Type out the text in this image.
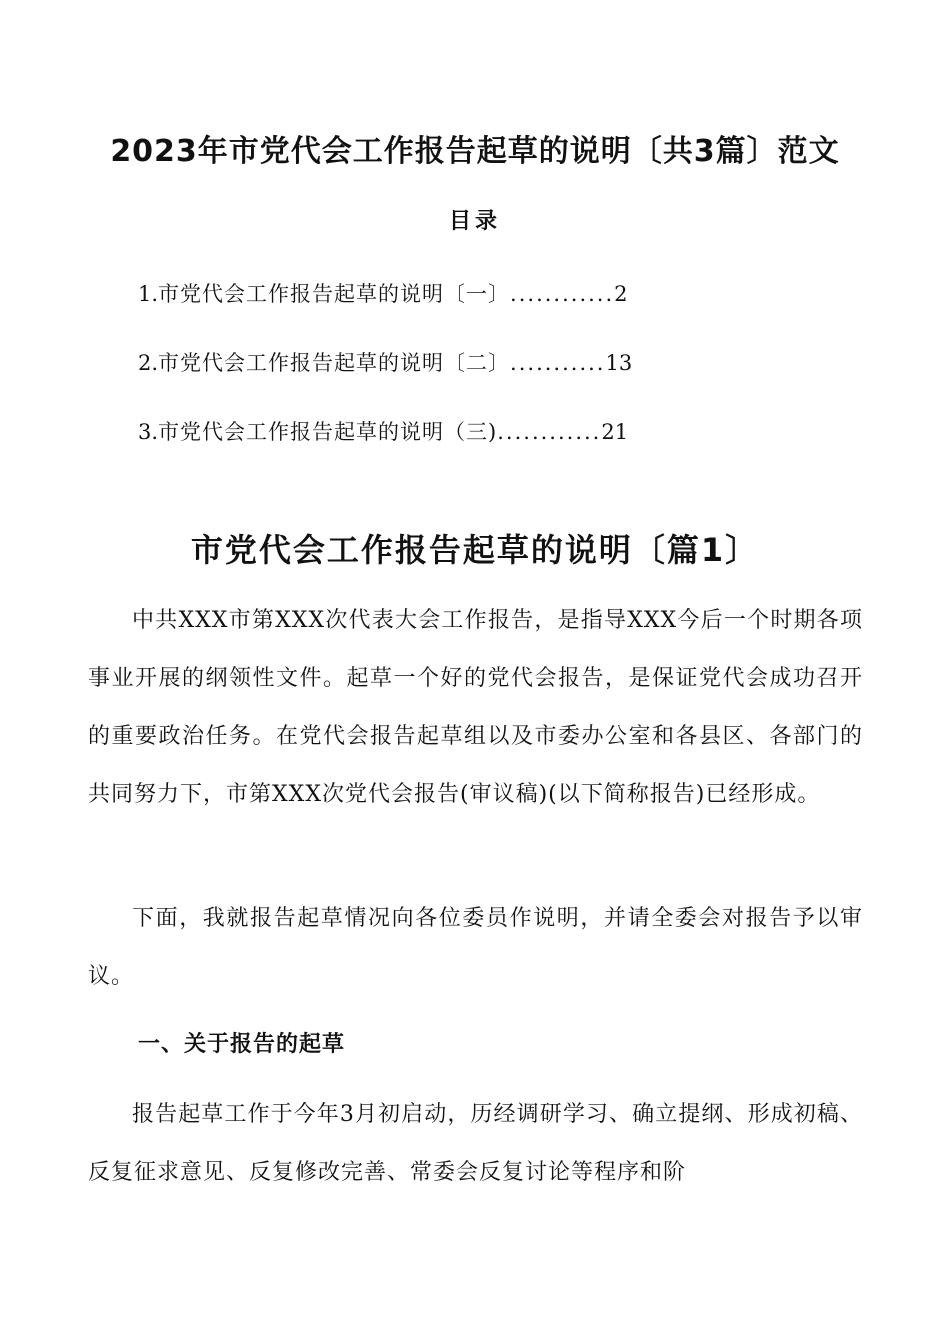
2023年市党代会工作报告起草的说明〔共3篇〕范文
目录
1. 市党代会工作报告起草的说明〔一〕 ............ 2
2. 市党代会工作报告起草的说明〔二〕 ........... 13
3. 市党代会工作报告起草的说明（三) ............ 21
市党代会工作报告起草的说明〔篇1〕

中共XXX市第XXX次代表大会工作报告，是指导XXX今后一个时期各项事业开展的纲领性文件。起草一个好的党代会报告，是保证党代会成功召开的重要政治任务。在党代会报告起草组以及市委办公室和各县区、各部门的共同努力下，市第XXX次党代会报告(审议稿)(以下简称报告)已经形成。

下面，我就报告起草情况向各位委员作说明，并请全委会对报告予以审议。

一、关于报告的起草

报告起草工作于今年3月初启动，历经调研学习、确立提纲、形成初稿、反复征求意见、反复修改完善、常委会反复讨论等程序和阶
